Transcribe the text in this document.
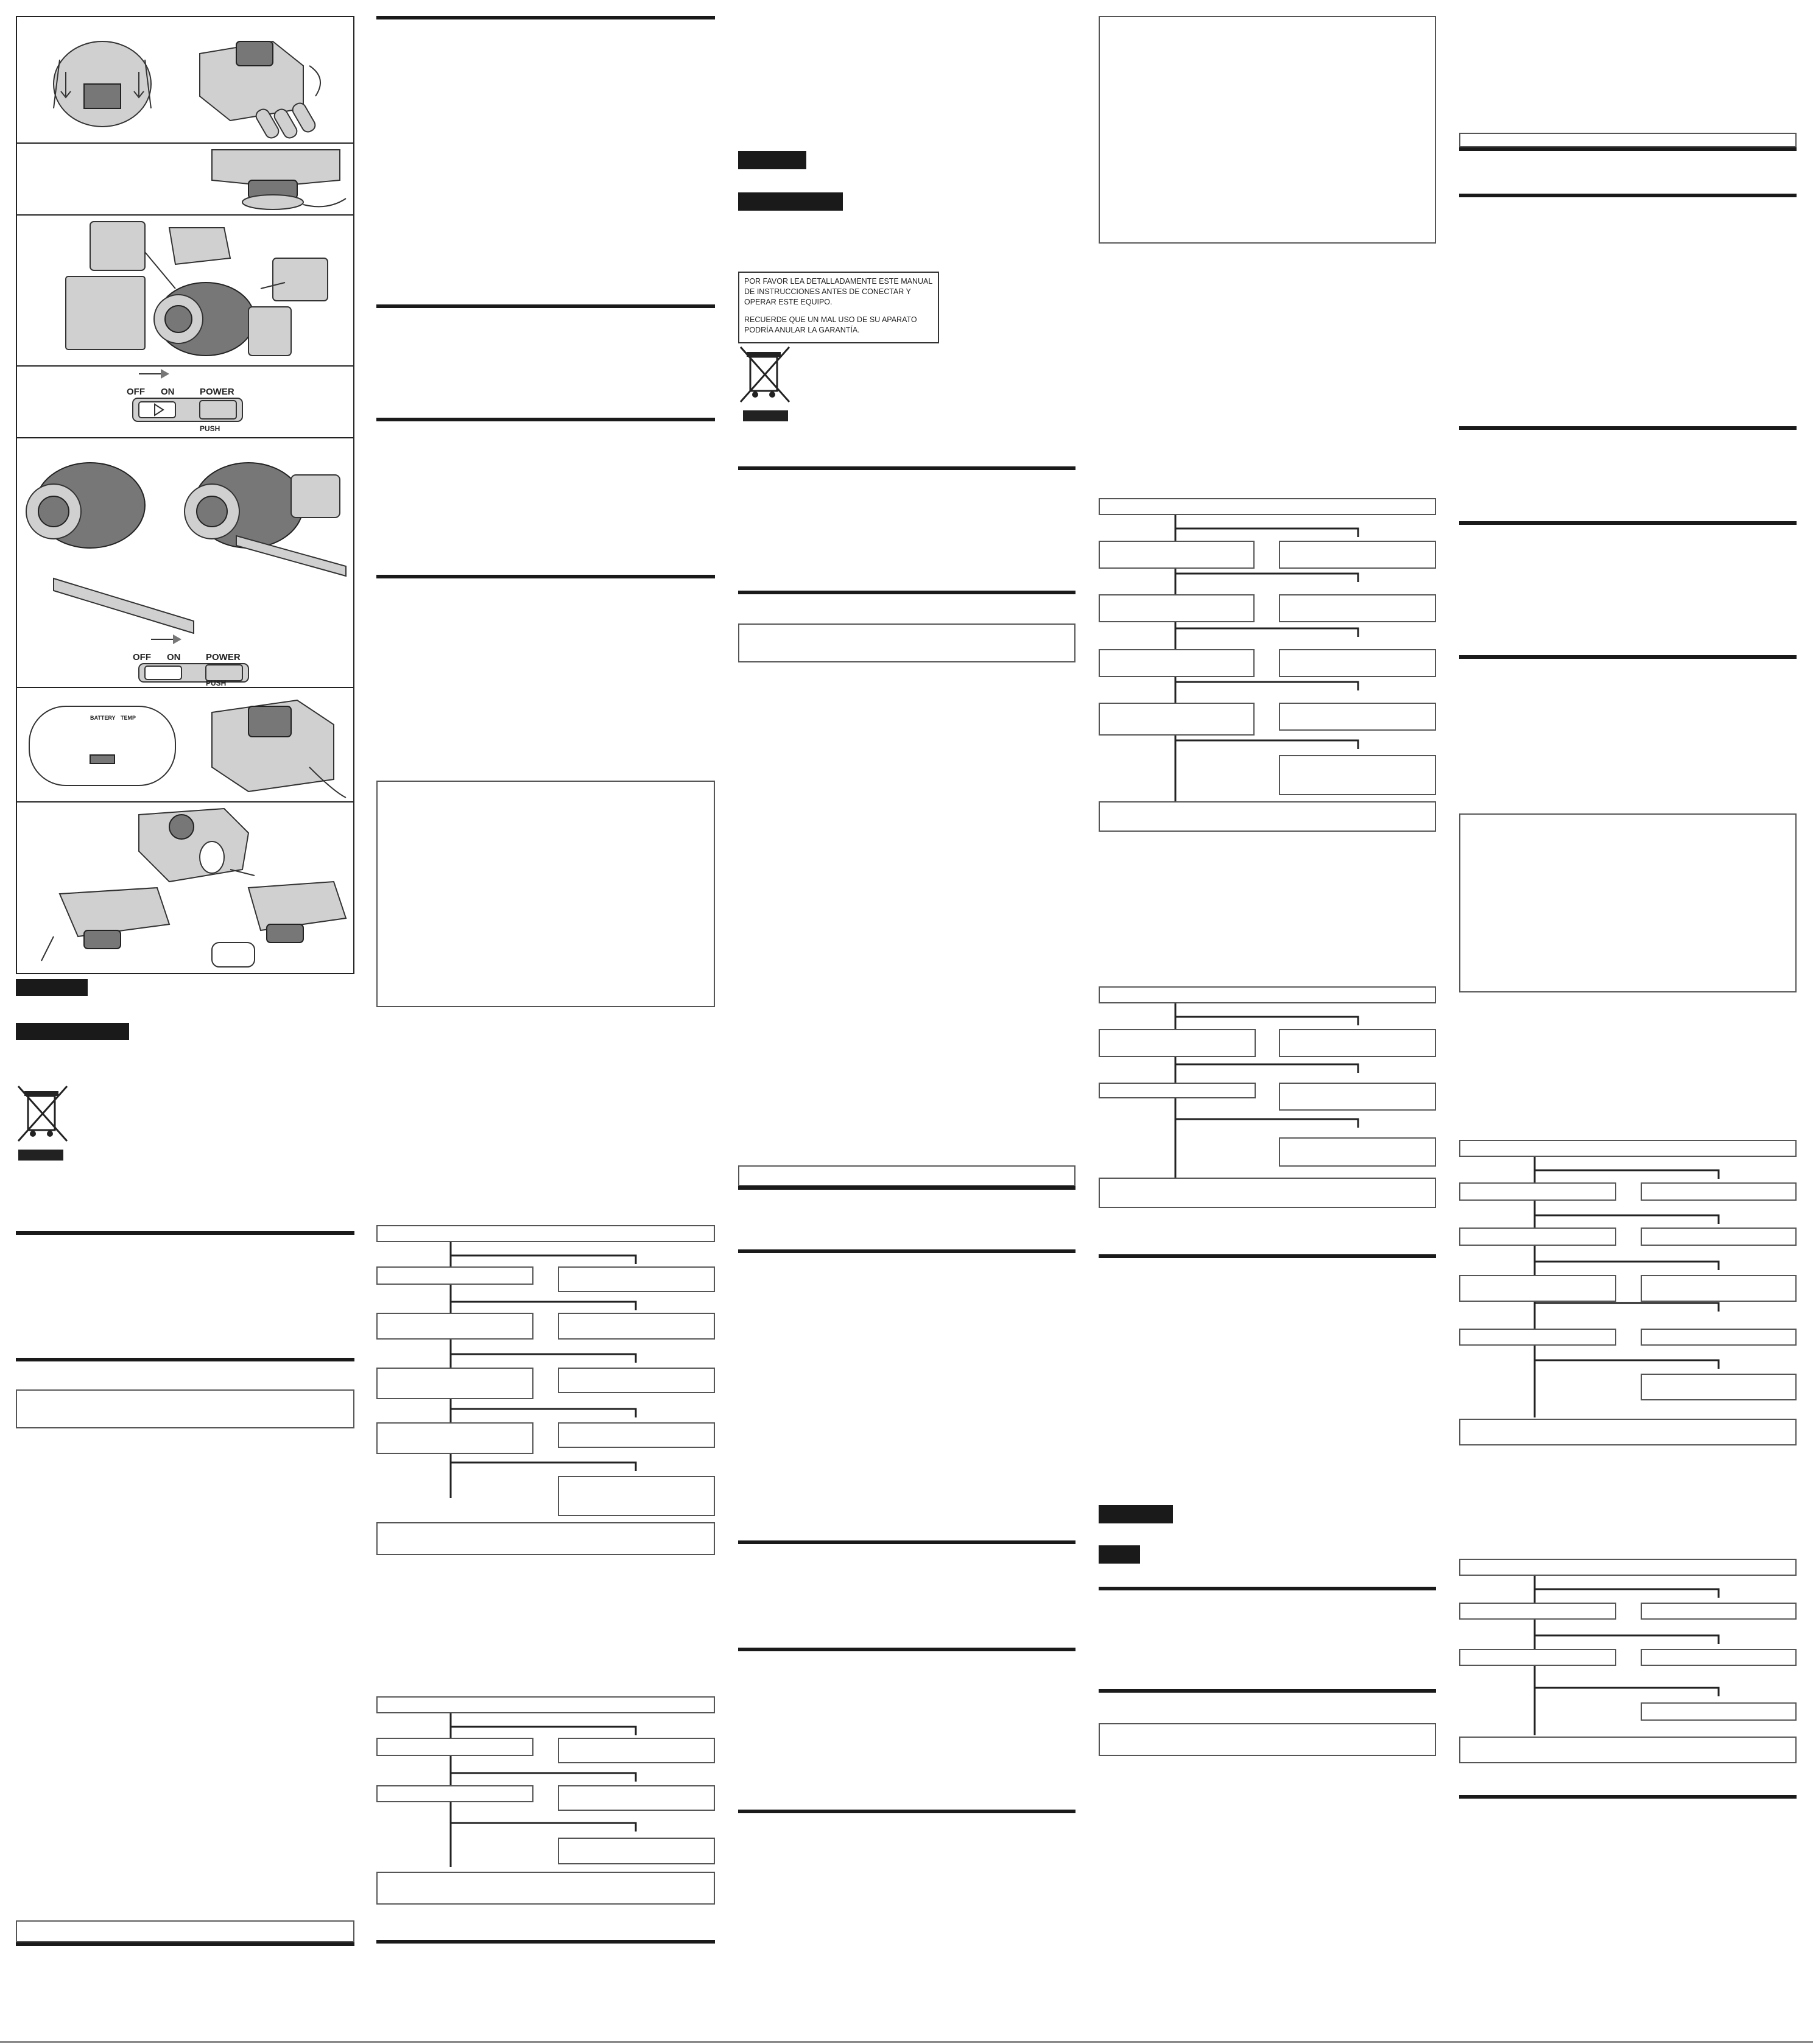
OFF ON	POWER
PUSH
OFF ON	POWER
PUSH
BATTERY TEMP

POR FAVOR LEA DETALLADAMENTE ESTE MANUAL DE INSTRUCCIONES ANTES DE CONECTAR Y OPERAR ESTE EQUIPO.

RECUERDE QUE UN MAL USO DE SU APARATO PODRÍA ANULAR LA GARANTÍA.
